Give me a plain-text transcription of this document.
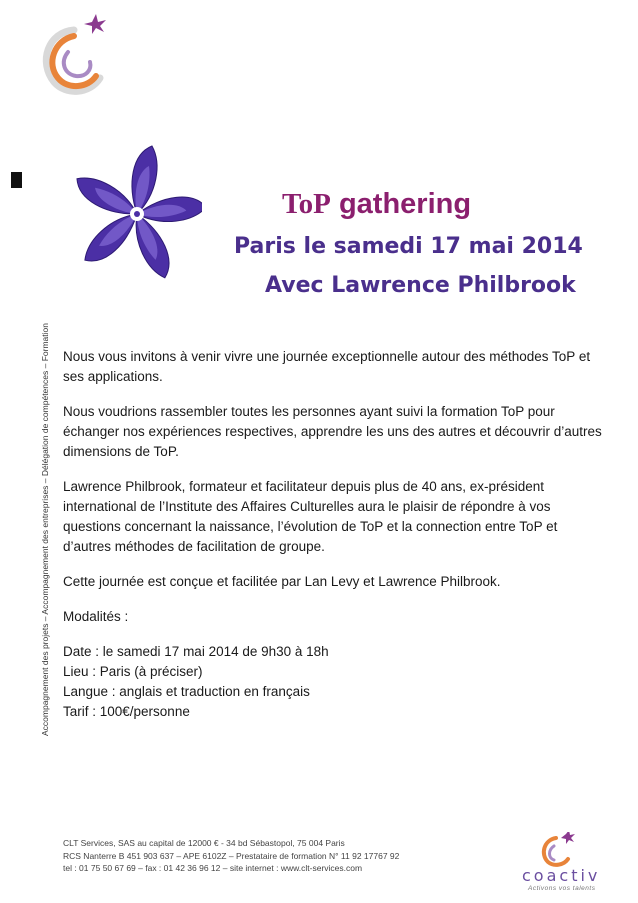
Accompagnement des projets – Accompagnement des entreprises – Délégation de compétences – Formation
ToP gathering
Paris le samedi 17 mai 2014
Avec Lawrence Philbrook

Nous vous invitons à venir vivre une journée exceptionnelle autour des méthodes ToP et ses applications.

Nous voudrions rassembler toutes les personnes ayant suivi la formation ToP pour échanger nos expériences respectives, apprendre les uns des autres et découvrir d’autres dimensions de ToP.

Lawrence Philbrook, formateur et facilitateur depuis plus de 40 ans, ex-président international de l’Institute des Affaires Culturelles aura le plaisir de répondre à vos questions concernant la naissance, l’évolution de ToP et la connection entre ToP et d’autres méthodes de facilitation de groupe.

Cette journée est conçue et facilitée par Lan Levy et Lawrence Philbrook.

Modalités :

Date : le samedi 17 mai 2014 de 9h30 à 18h

Lieu : Paris (à préciser)

Langue : anglais et traduction en français

Tarif : 100€/personne

CLT Services, SAS au capital de 12000 € - 34 bd Sébastopol, 75 004 Paris
RCS Nanterre B 451 903 637 – APE 6102Z – Prestataire de formation N° 11 92 17767 92
tel : 01 75 50 67 69 – fax : 01 42 36 96 12 – site internet : www.clt-services.com	coactiv
Activons vos talents
